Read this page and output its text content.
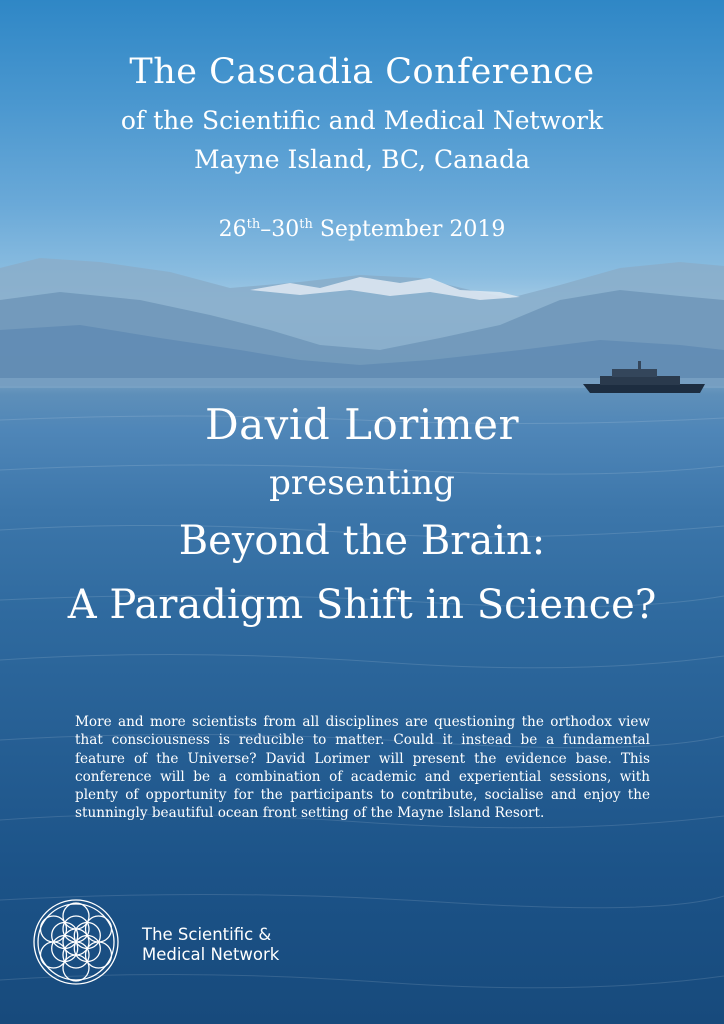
The Cascadia Conference
of the Scientific and Medical Network
Mayne Island, BC, Canada
26th–30th September 2019
David Lorimer
presenting
Beyond the Brain:
A Paradigm Shift in Science?
More and more scientists from all disciplines are questioning the orthodox view that consciousness is reducible to matter. Could it instead be a fundamental feature of the Universe? David Lorimer will present the evidence base. This conference will be a combination of academic and experiential sessions, with plenty of opportunity for the participants to contribute, socialise and enjoy the stunningly beautiful ocean front setting of the Mayne Island Resort.
The Scientific &
Medical Network
